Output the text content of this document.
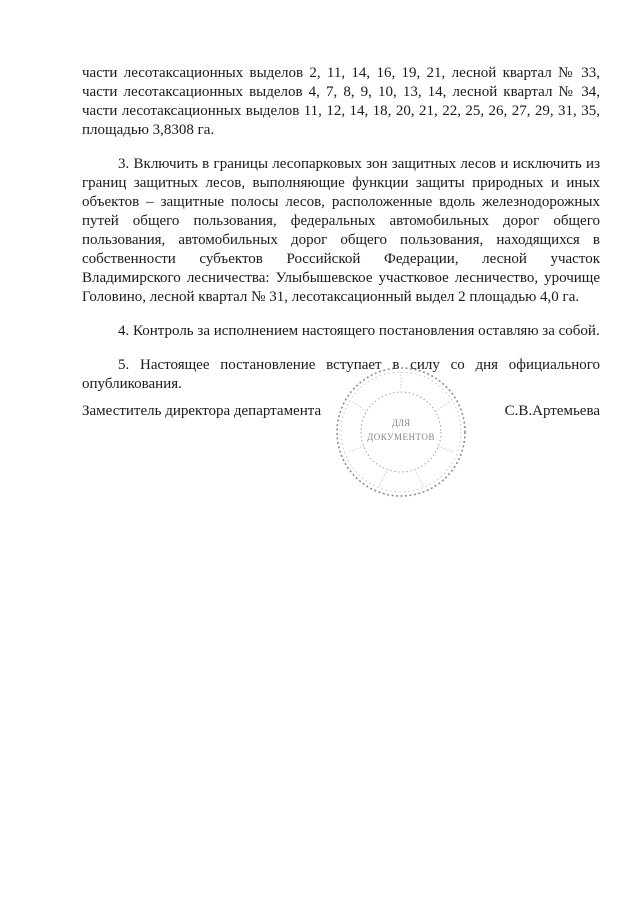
части лесотаксационных выделов 2, 11, 14, 16, 19, 21, лесной квартал № 33, части лесотаксационных выделов 4, 7, 8, 9, 10, 13, 14, лесной квартал № 34, части лесотаксационных выделов 11, 12, 14, 18, 20, 21, 22, 25, 26, 27, 29, 31, 35, площадью 3,8308 га.

3. Включить в границы лесопарковых зон защитных лесов и исключить из границ защитных лесов, выполняющие функции защиты природных и иных объектов – защитные полосы лесов, расположенные вдоль железнодорожных путей общего пользования, федеральных автомобильных дорог общего пользования, автомобильных дорог общего пользования, находящихся в собственности субъектов Российской Федерации, лесной участок Владимирского лесничества: Улыбышевское участковое лесничество, урочище Головино, лесной квартал № 31, лесотаксационный выдел 2 площадью 4,0 га.

4. Контроль за исполнением настоящего постановления оставляю за собой.

5. Настоящее постановление вступает в силу со дня официального опубликования.

ДЛЯ
ДОКУМЕНТОВ
Заместитель директора департамента	С.В.Артемьева
